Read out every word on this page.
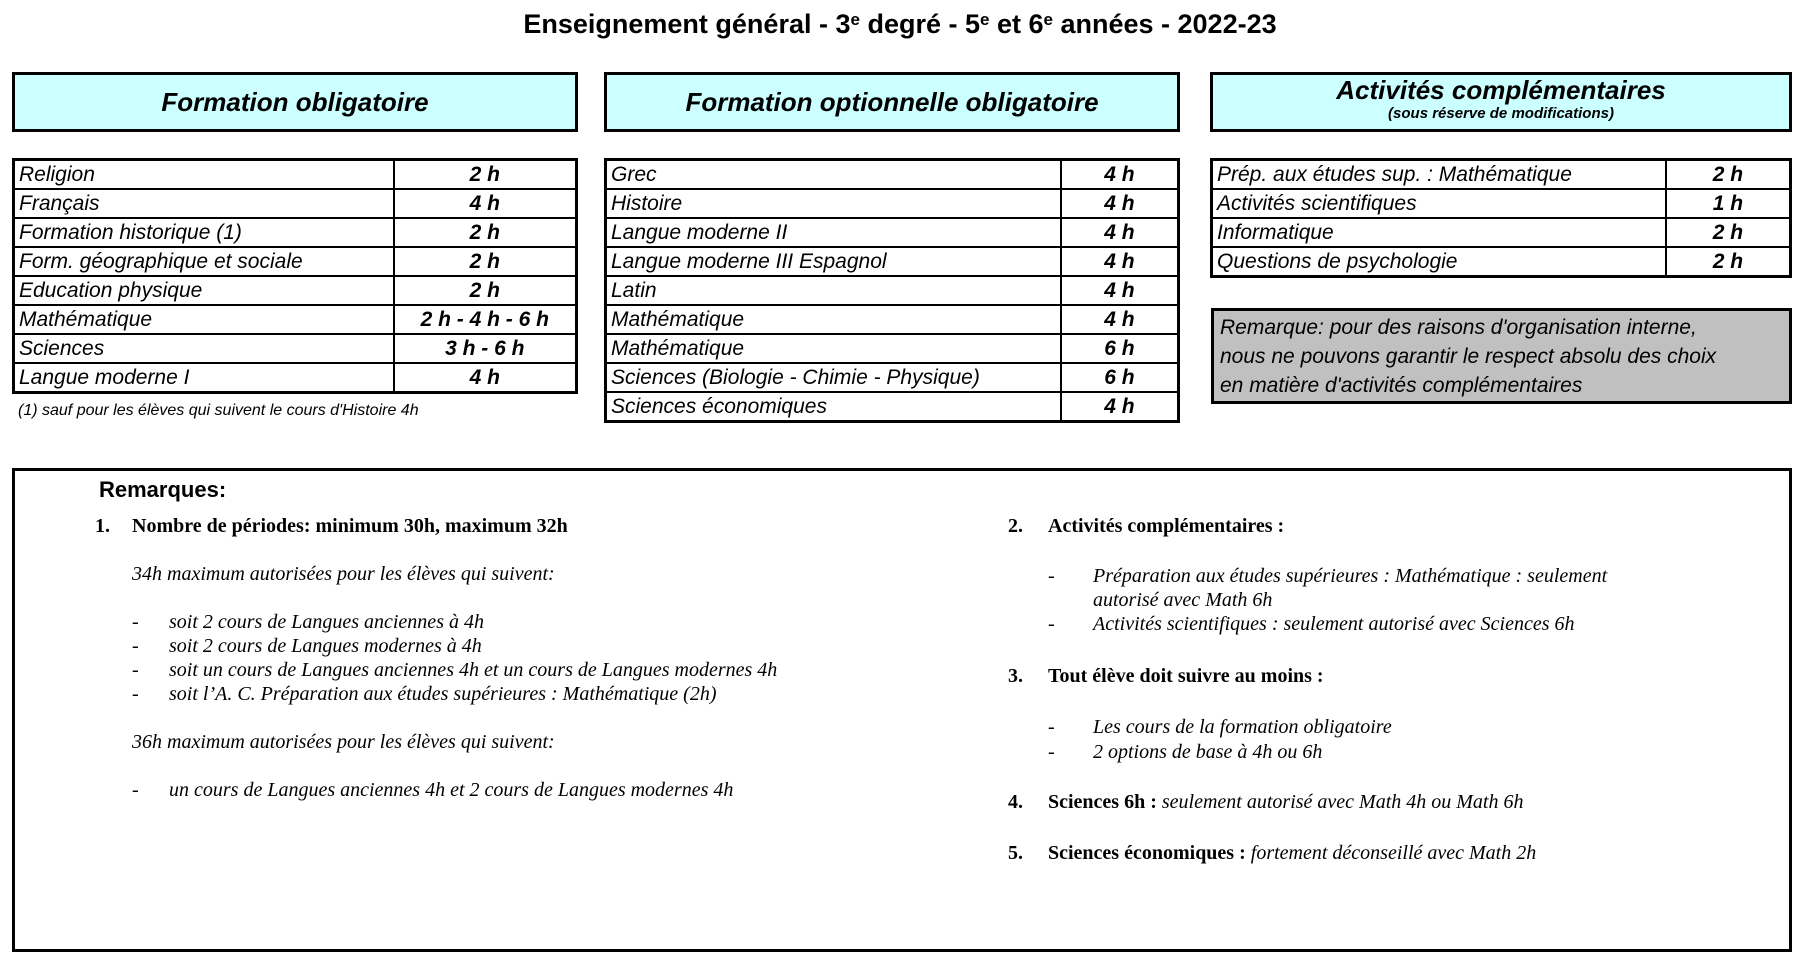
Enseignement général - 3e degré - 5e et 6e années - 2022-23
Formation obligatoire	Formation optionnelle obligatoire	Activités complémentaires
(sous réserve de modifications)
Religion	2 h
Français	4 h
Formation historique (1)	2 h
Form. géographique et sociale	2 h
Education physique	2 h
Mathématique	2 h - 4 h - 6 h
Sciences	3 h - 6 h
Langue moderne I	4 h
(1) sauf pour les élèves qui suivent le cours d'Histoire 4h
Grec	4 h
Histoire	4 h
Langue moderne II	4 h
Langue moderne III Espagnol	4 h
Latin	4 h
Mathématique	4 h
Mathématique	6 h
Sciences (Biologie - Chimie - Physique)	6 h
Sciences économiques	4 h
Prép. aux études sup. : Mathématique	2 h
Activités scientifiques	1 h
Informatique	2 h
Questions de psychologie	2 h
Remarque: pour des raisons d'organisation interne,
nous ne pouvons garantir le respect absolu des choix
en matière d'activités complémentaires
Remarques:
1. Nombre de périodes: minimum 30h, maximum 32h
34h maximum autorisées pour les élèves qui suivent:
- soit 2 cours de Langues anciennes à 4h
- soit 2 cours de Langues modernes à 4h
- soit un cours de Langues anciennes 4h et un cours de Langues modernes 4h
- soit l’A. C. Préparation aux études supérieures : Mathématique (2h)
36h maximum autorisées pour les élèves qui suivent:
- un cours de Langues anciennes 4h et 2 cours de Langues modernes 4h
2. Activités complémentaires :
- Préparation aux études supérieures : Mathématique : seulement
autorisé avec Math 6h
- Activités scientifiques : seulement autorisé avec Sciences 6h
3. Tout élève doit suivre au moins :
- Les cours de la formation obligatoire
- 2 options de base à 4h ou 6h
4. Sciences 6h : seulement autorisé avec Math 4h ou Math 6h
5. Sciences économiques : fortement déconseillé avec Math 2h
